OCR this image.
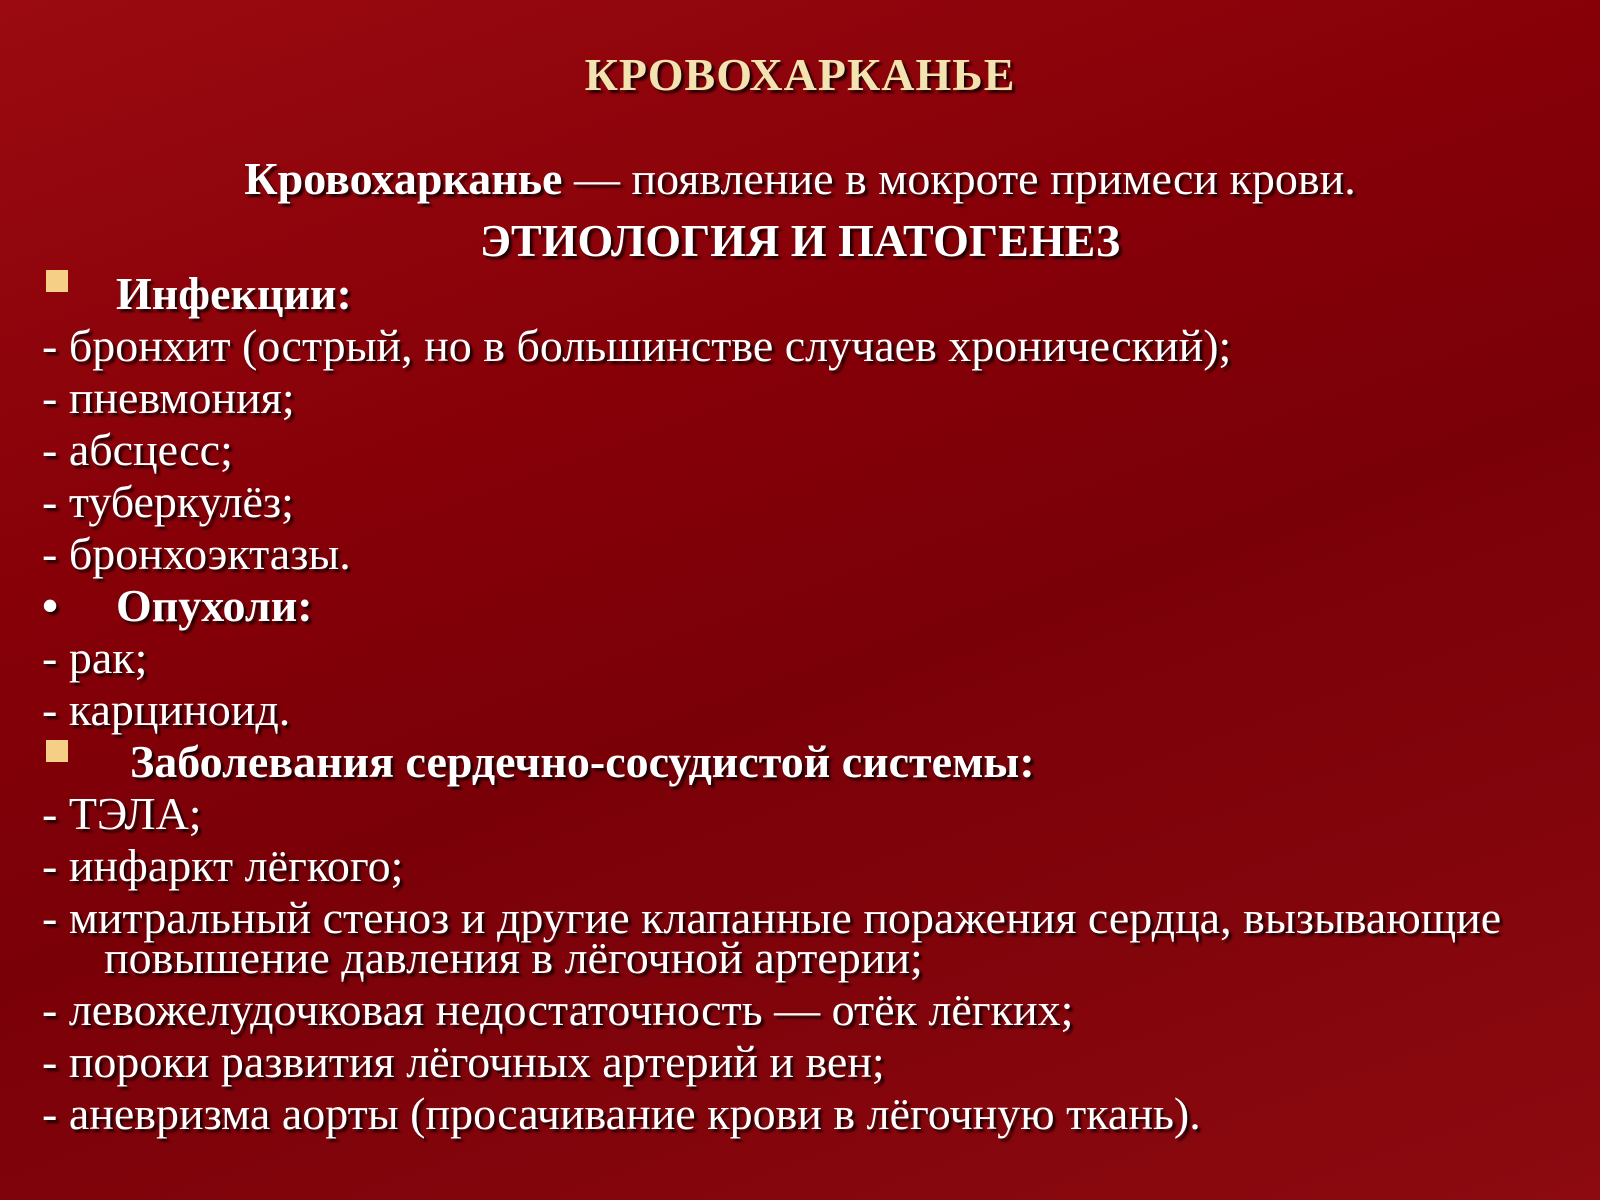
КРОВОХАРКАНЬЕ
Кровохарканье — появление в мокроте примеси крови.
ЭТИОЛОГИЯ И ПАТОГЕНЕЗ
Инфекции:
- бронхит (острый, но в большинстве случаев хронический);
- пневмония;
- абсцесс;
- туберкулёз;
- бронхоэктазы.
• Опухоли:
- рак;
- карциноид.
Заболевания сердечно-сосудистой системы:
- ТЭЛА;
- инфаркт лёгкого;
- митральный стеноз и другие клапанные поражения сердца, вызывающие повышение давления в лёгочной артерии;
- левожелудочковая недостаточность — отёк лёгких;
- пороки развития лёгочных артерий и вен;
- аневризма аорты (просачивание крови в лёгочную ткань).
